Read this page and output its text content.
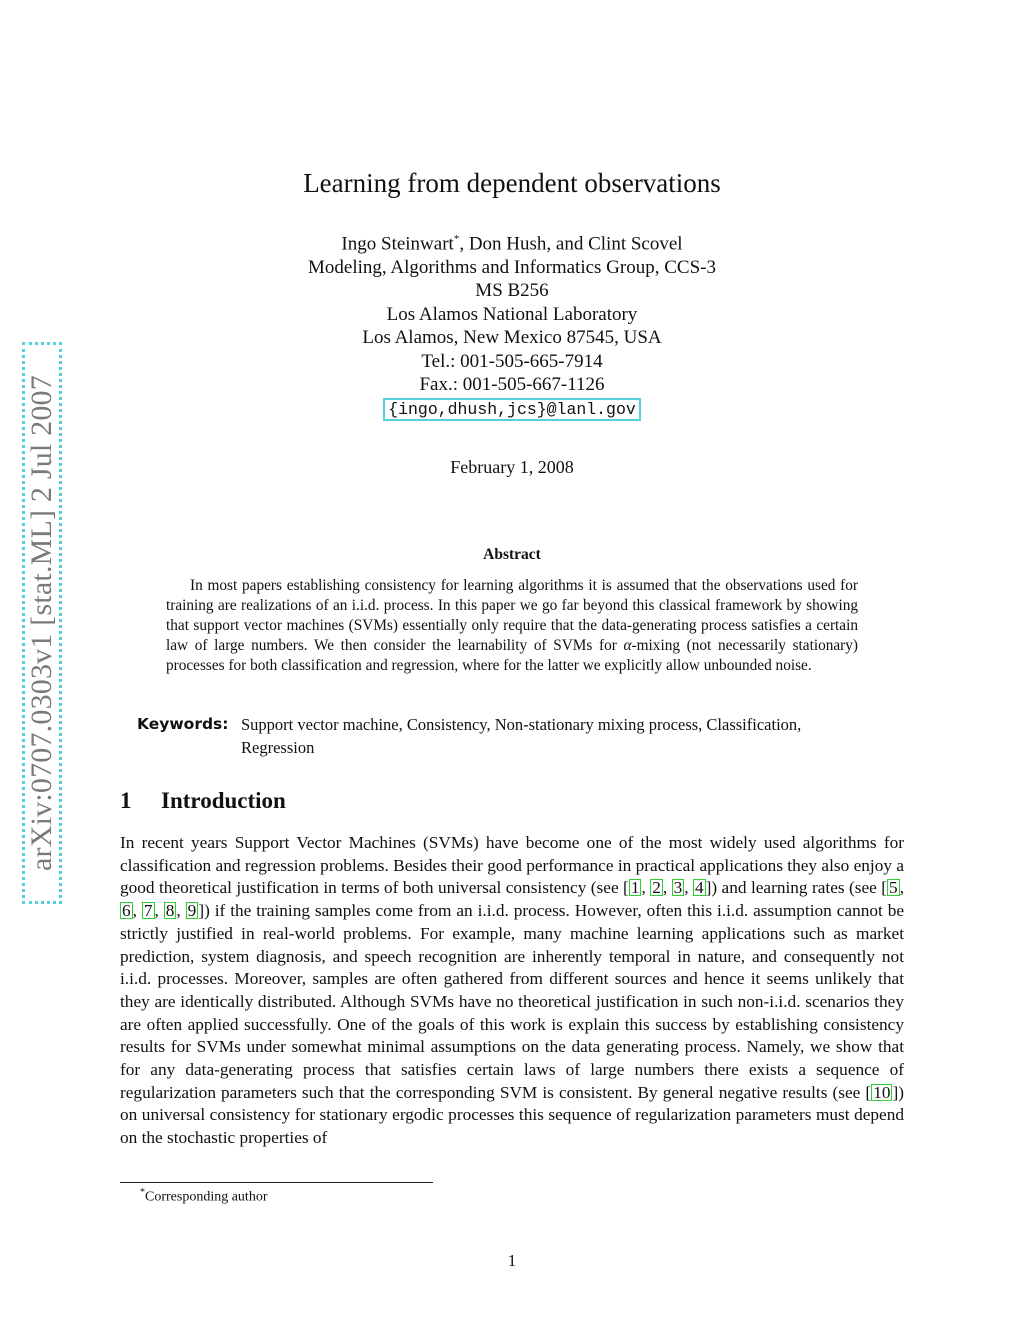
arXiv:0707.0303v1 [stat.ML] 2 Jul 2007
Learning from dependent observations
Ingo Steinwart*, Don Hush, and Clint Scovel
Modeling, Algorithms and Informatics Group, CCS-3
MS B256
Los Alamos National Laboratory
Los Alamos, New Mexico 87545, USA
Tel.: 001-505-665-7914
Fax.: 001-505-667-1126
{ingo,dhush,jcs}@lanl.gov
February 1, 2008
Abstract
In most papers establishing consistency for learning algorithms it is assumed that the observations used for training are realizations of an i.i.d. process. In this paper we go far beyond this classical framework by showing that support vector machines (SVMs) essentially only require that the data-generating process satisfies a certain law of large numbers. We then consider the learnability of SVMs for α-mixing (not necessarily stationary) processes for both classification and regression, where for the latter we explicitly allow unbounded noise.
Keywords: Support vector machine, Consistency, Non-stationary mixing process, Classification, Regression
1 Introduction
In recent years Support Vector Machines (SVMs) have become one of the most widely used algorithms for classification and regression problems. Besides their good performance in practical applications they also enjoy a good theoretical justification in terms of both universal consistency (see [ 1 , 2 , 3 , 4 ]) and learning rates (see [ 5 , 6 , 7 , 8 , 9 ]) if the training samples come from an i.i.d. process. However, often this i.i.d. assumption cannot be strictly justified in real-world problems. For example, many machine learning applications such as market prediction, system diagnosis, and speech recognition are inherently temporal in nature, and consequently not i.i.d. processes. Moreover, samples are often gathered from different sources and hence it seems unlikely that they are identically distributed. Although SVMs have no theoretical justification in such non-i.i.d. scenarios they are often applied successfully. One of the goals of this work is explain this success by establishing consistency results for SVMs under somewhat minimal assumptions on the data generating process. Namely, we show that for any data-generating process that satisfies certain laws of large numbers there exists a sequence of regularization parameters such that the corresponding SVM is consistent. By general negative results (see [ 10 ]) on universal consistency for stationary ergodic processes this sequence of regularization parameters must depend on the stochastic properties of
*Corresponding author
1
